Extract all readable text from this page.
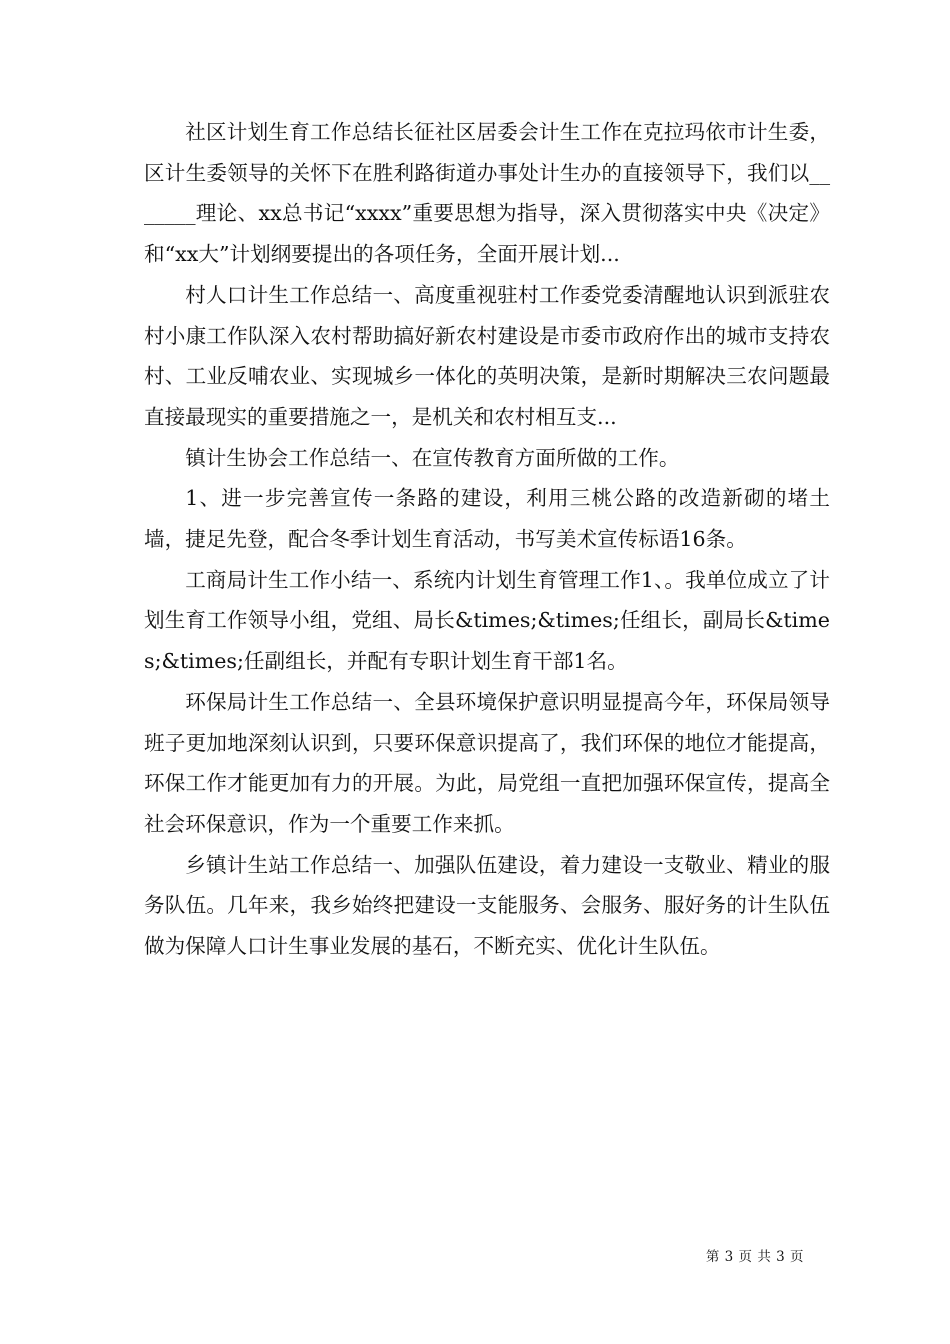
社区计划生育工作总结长征社区居委会计生工作在克拉玛依市计生委，区计生委领导的关怀下在胜利路街道办事处计生办的直接领导下，我们以_______理论、xx总书记“xxxx”重要思想为指导，深入贯彻落实中央《决定》和“xx大”计划纲要提出的各项任务，全面开展计划...

村人口计生工作总结一、高度重视驻村工作委党委清醒地认识到派驻农村小康工作队深入农村帮助搞好新农村建设是市委市政府作出的城市支持农村、工业反哺农业、实现城乡一体化的英明决策，是新时期解决三农问题最直接最现实的重要措施之一，是机关和农村相互支...

镇计生协会工作总结一、在宣传教育方面所做的工作。

1、进一步完善宣传一条路的建设，利用三桃公路的改造新砌的堵土墙，捷足先登，配合冬季计划生育活动，书写美术宣传标语16条。

工商局计生工作小结一、系统内计划生育管理工作1、。我单位成立了计划生育工作领导小组，党组、局长&times;&times;任组长，副局长&times;&times;任副组长，并配有专职计划生育干部1名。

环保局计生工作总结一、全县环境保护意识明显提高今年，环保局领导班子更加地深刻认识到，只要环保意识提高了，我们环保的地位才能提高，环保工作才能更加有力的开展。为此，局党组一直把加强环保宣传，提高全社会环保意识，作为一个重要工作来抓。

乡镇计生站工作总结一、加强队伍建设，着力建设一支敬业、精业的服务队伍。几年来，我乡始终把建设一支能服务、会服务、服好务的计生队伍做为保障人口计生事业发展的基石，不断充实、优化计生队伍。

第 3 页 共 3 页
